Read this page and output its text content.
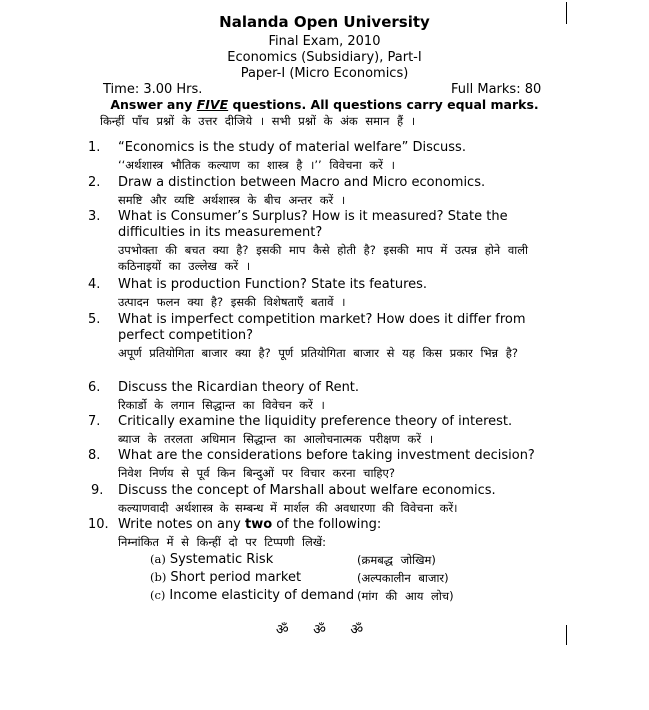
Nalanda Open University
Final Exam, 2010
Economics (Subsidiary), Part-I
Paper-I (Micro Economics)
Time: 3.00 Hrs.	Full Marks: 80
Answer any FIVE questions. All questions carry equal marks.
किन्हीं पाँच प्रश्नों के उत्तर दीजिये । सभी प्रश्नों के अंक समान हैं ।
1. “Economics is the study of material welfare” Discuss.
‘‘अर्थशास्त्र भौतिक कल्याण का शास्त्र है ।’’ विवेचना करें ।
2. Draw a distinction between Macro and Micro economics.
समष्टि और व्यष्टि अर्थशास्त्र के बीच अन्तर करें ।
3. What is Consumer’s Surplus? How is it measured? State the difficulties in its measurement?
उपभोक्ता की बचत क्या है? इसकी माप कैसे होती है? इसकी माप में उत्पन्न होने वाली कठिनाइयों का उल्लेख करें ।
4. What is production Function? State its features.
उत्पादन फलन क्या है? इसकी विशेषताएँ बतावें ।
5. What is imperfect competition market? How does it differ from perfect competition?
अपूर्ण प्रतियोगिता बाजार क्या है? पूर्ण प्रतियोगिता बाजार से यह किस प्रकार भिन्न है?
6. Discuss the Ricardian theory of Rent.
रिकार्डो के लगान सिद्धान्त का विवेचन करें ।
7. Critically examine the liquidity preference theory of interest.
ब्याज के तरलता अधिमान सिद्धान्त का आलोचनात्मक परीक्षण करें ।
8. What are the considerations before taking investment decision?
निवेश निर्णय से पूर्व किन बिन्दुओं पर विचार करना चाहिए?
9. Discuss the concept of Marshall about welfare economics.
कल्याणवादी अर्थशास्त्र के सम्बन्ध में मार्शल की अवधारणा की विवेचना करें।
10. Write notes on any two of the following:
निम्नांकित में से किन्हीं दो पर टिप्पणी लिखें:
(a) Systematic Risk	(क्रमबद्ध जोखिम)
(b) Short period market	(अल्पकालीन बाजार)
(c) Income elasticity of demand (मांग की आय लोच)
ॐ ॐ ॐ
